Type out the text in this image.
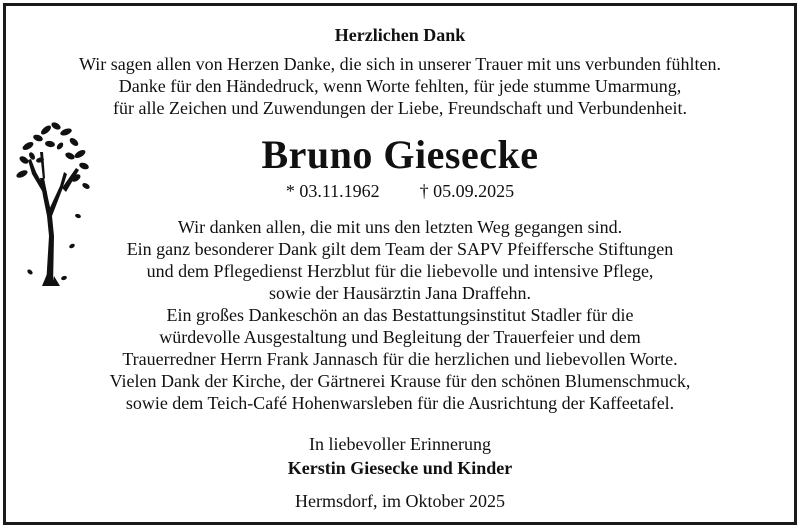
Herzlichen Dank
Wir sagen allen von Herzen Danke, die sich in unserer Trauer mit uns verbunden fühlten.
Danke für den Händedruck, wenn Worte fehlten, für jede stumme Umarmung,
für alle Zeichen und Zuwendungen der Liebe, Freundschaft und Verbundenheit.
Bruno Giesecke
* 03.11.1962 † 05.09.2025
Wir danken allen, die mit uns den letzten Weg gegangen sind.
Ein ganz besonderer Dank gilt dem Team der SAPV Pfeiffersche Stiftungen
und dem Pflegedienst Herzblut für die liebevolle und intensive Pflege,
sowie der Hausärztin Jana Draffehn.
Ein großes Dankeschön an das Bestattungsinstitut Stadler für die
würdevolle Ausgestaltung und Begleitung der Trauerfeier und dem
Trauerredner Herrn Frank Jannasch für die herzlichen und liebevollen Worte.
Vielen Dank der Kirche, der Gärtnerei Krause für den schönen Blumenschmuck,
sowie dem Teich-Café Hohenwarsleben für die Ausrichtung der Kaffeetafel.
In liebevoller Erinnerung
Kerstin Giesecke und Kinder
Hermsdorf, im Oktober 2025
